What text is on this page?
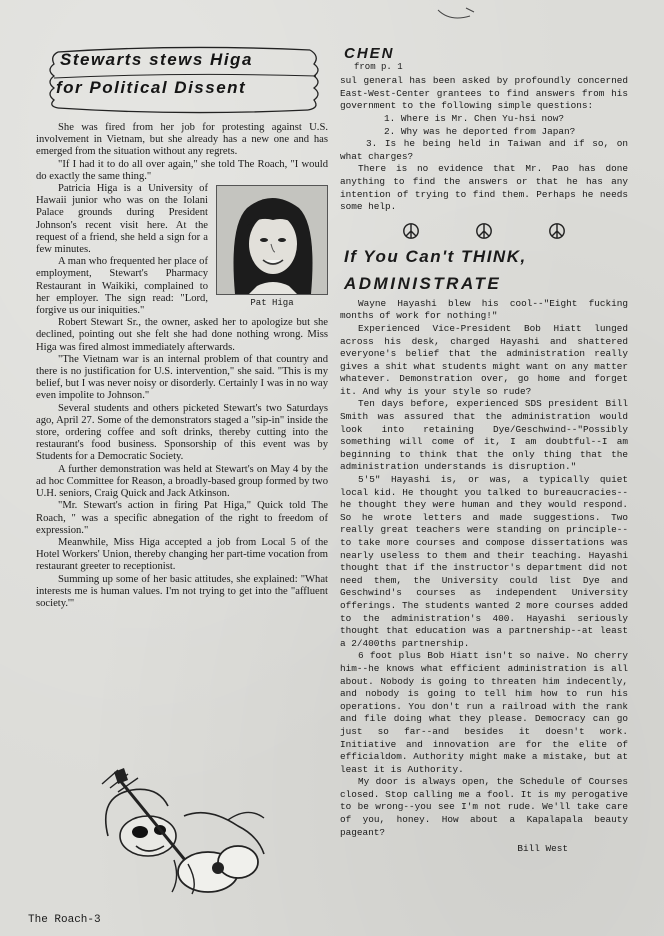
Stewarts stews Higa
for Political Dissent

She was fired from her job for protesting against U.S. involvement in Vietnam, but she already has a new one and has emerged from the situation without any regrets.

"If I had it to do all over again," she told The Roach, "I would do exactly the same thing."

Pat Higa

Patricia Higa is a University of Hawaii junior who was on the Iolani Palace grounds during President Johnson's recent visit here. At the request of a friend, she held a sign for a few minutes.

A man who frequented her place of employment, Stewart's Pharmacy Restaurant in Waikiki, complained to her employer. The sign read: "Lord, forgive us our iniquities."

Robert Stewart Sr., the owner, asked her to apologize but she declined, pointing out she felt she had done nothing wrong. Miss Higa was fired almost immediately afterwards.

"The Vietnam war is an internal problem of that country and there is no justification for U.S. intervention," she said. "This is my belief, but I was never noisy or disorderly. Certainly I was in no way even impolite to Johnson."

Several students and others picketed Stewart's two Saturdays ago, April 27. Some of the demonstrators staged a "sip-in" inside the store, ordering coffee and soft drinks, thereby cutting into the restaurant's food business. Sponsorship of this event was by Students for a Democratic Society.

A further demonstration was held at Stewart's on May 4 by the ad hoc Committee for Reason, a broadly-based group formed by two U.H. seniors, Craig Quick and Jack Atkinson.

"Mr. Stewart's action in firing Pat Higa," Quick told The Roach, " was a specific abnegation of the right to freedom of expression."

Meanwhile, Miss Higa accepted a job from Local 5 of the Hotel Workers' Union, thereby changing her part-time vocation from restaurant greeter to receptionist.

Summing up some of her basic attitudes, she explained: "What interests me is human values. I'm not trying to get into the "affluent society.'"

CHEN
from p. 1

sul general has been asked by profoundly concerned East-West-Center grantees to find answers from his government to the following simple questions:

1. Where is Mr. Chen Yu-hsi now?

2. Why was he deported from Japan?

3. Is he being held in Taiwan and if so, on what charges?

There is no evidence that Mr. Pao has done anything to find the answers or that he has any intention of trying to find them. Perhaps he needs some help.

If You Can't THINK,
ADMINISTRATE

Wayne Hayashi blew his cool--"Eight fucking months of work for nothing!"

Experienced Vice-President Bob Hiatt lunged across his desk, charged Hayashi and shattered everyone's belief that the administration really gives a shit what students might want on any matter whatever. Demonstration over, go home and forget it. And why is your style so rude?

Ten days before, experienced SDS president Bill Smith was assured that the administration would look into retaining Dye/Geschwind--"Possibly something will come of it, I am doubtful--I am beginning to think that the only thing that the administration understands is disruption."

5'5" Hayashi is, or was, a typically quiet local kid. He thought you talked to bureaucracies--he thought they were human and they would respond. So he wrote letters and made suggestions. Two really great teachers were standing on principle--to take more courses and compose dissertations was nearly useless to them and their teaching. Hayashi thought that if the instructor's department did not need them, the University could list Dye and Geschwind's courses as independent University offerings. The students wanted 2 more courses added to the administration's 400. Hayashi seriously thought that education was a partnership--at least a 2/400ths partnership.

6 foot plus Bob Hiatt isn't so naive. No cherry him--he knows what efficient administration is all about. Nobody is going to threaten him indecently, and nobody is going to tell him how to run his operations. You don't run a railroad with the rank and file doing what they please. Democracy can go just so far--and besides it doesn't work. Initiative and innovation are for the elite of efficialdom. Authority might make a mistake, but at least it is Authority.

My door is always open, the Schedule of Courses closed. Stop calling me a fool. It is my perogative to be wrong--you see I'm not rude. We'll take care of you, honey. How about a Kapalapala beauty pageant?

Bill West
The Roach-3
